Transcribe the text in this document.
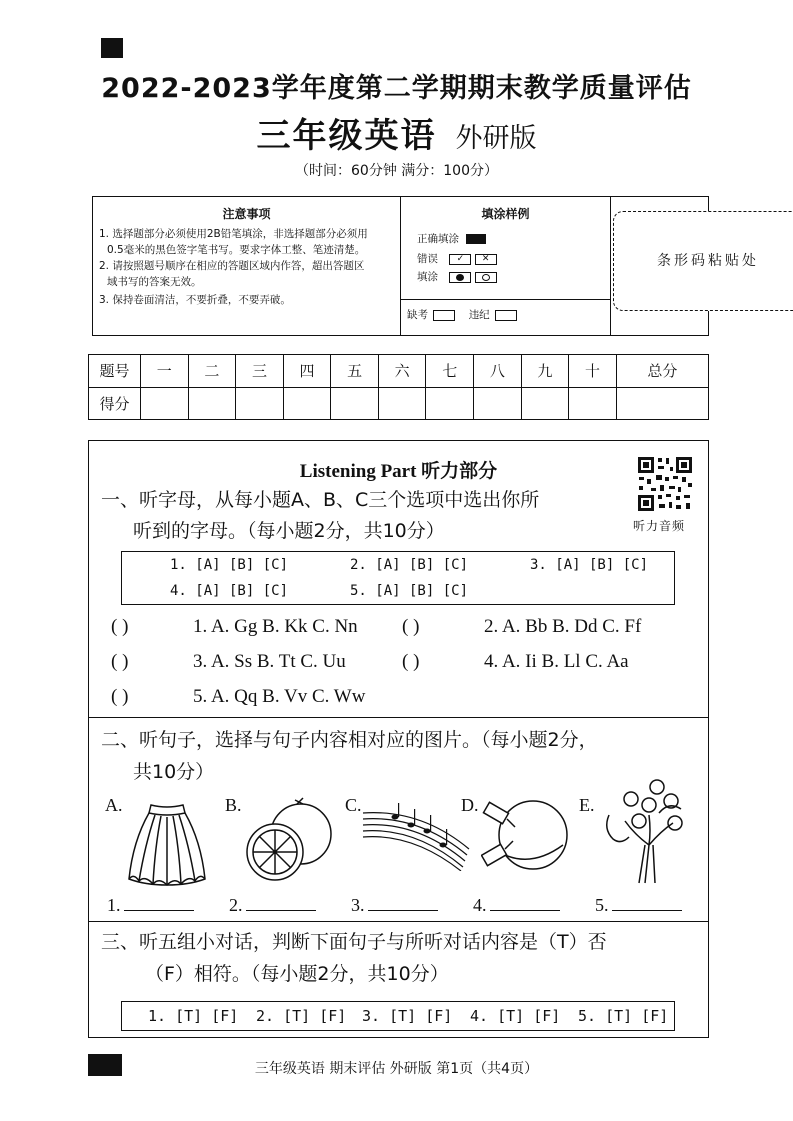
2022-2023学年度第二学期期末教学质量评估
三年级英语 外研版
（时间：60分钟 满分：100分）
注意事项
1. 选择题部分必须使用2B铅笔填涂，非选择题部分必须用
0.5毫米的黑色签字笔书写。要求字体工整、笔迹清楚。
2. 请按照题号顺序在相应的答题区域内作答，超出答题区
域书写的答案无效。
3. 保持卷面清洁，不要折叠，不要弄破。
填涂样例
正确填涂
错误 ✓ ✕
填涂

缺考	违纪
条形码粘贴处
题号	一	二	三	四	五	六	七	八	九	十	总分
得分											
Listening Part 听力部分
听力音频
一、听字母，从每小题A、B、C三个选项中选出你所
听到的字母。（每小题2分，共10分）
1. [A] [B] [C]	2. [A] [B] [C]	3. [A] [B] [C]
4. [A] [B] [C]	5. [A] [B] [C]
( )	1. A. Gg B. Kk C. Nn ( )	2. A. Bb B. Dd C. Ff
( )	3. A. Ss B. Tt C. Uu	( )	4. A. Ii B. Ll C. Aa
( )	5. A. Qq B. Vv C. Ww
二、听句子，选择与句子内容相对应的图片。（每小题2分，
共10分）
A.	B.	C.	D.	E.
1.	2.	3.	4.	5.
三、听五组小对话，判断下面句子与所听对话内容是（T）否
（F）相符。（每小题2分，共10分）
1. [T] [F] 2. [T] [F] 3. [T] [F] 4. [T] [F] 5. [T] [F]
三年级英语 期末评估 外研版 第1页（共4页）
